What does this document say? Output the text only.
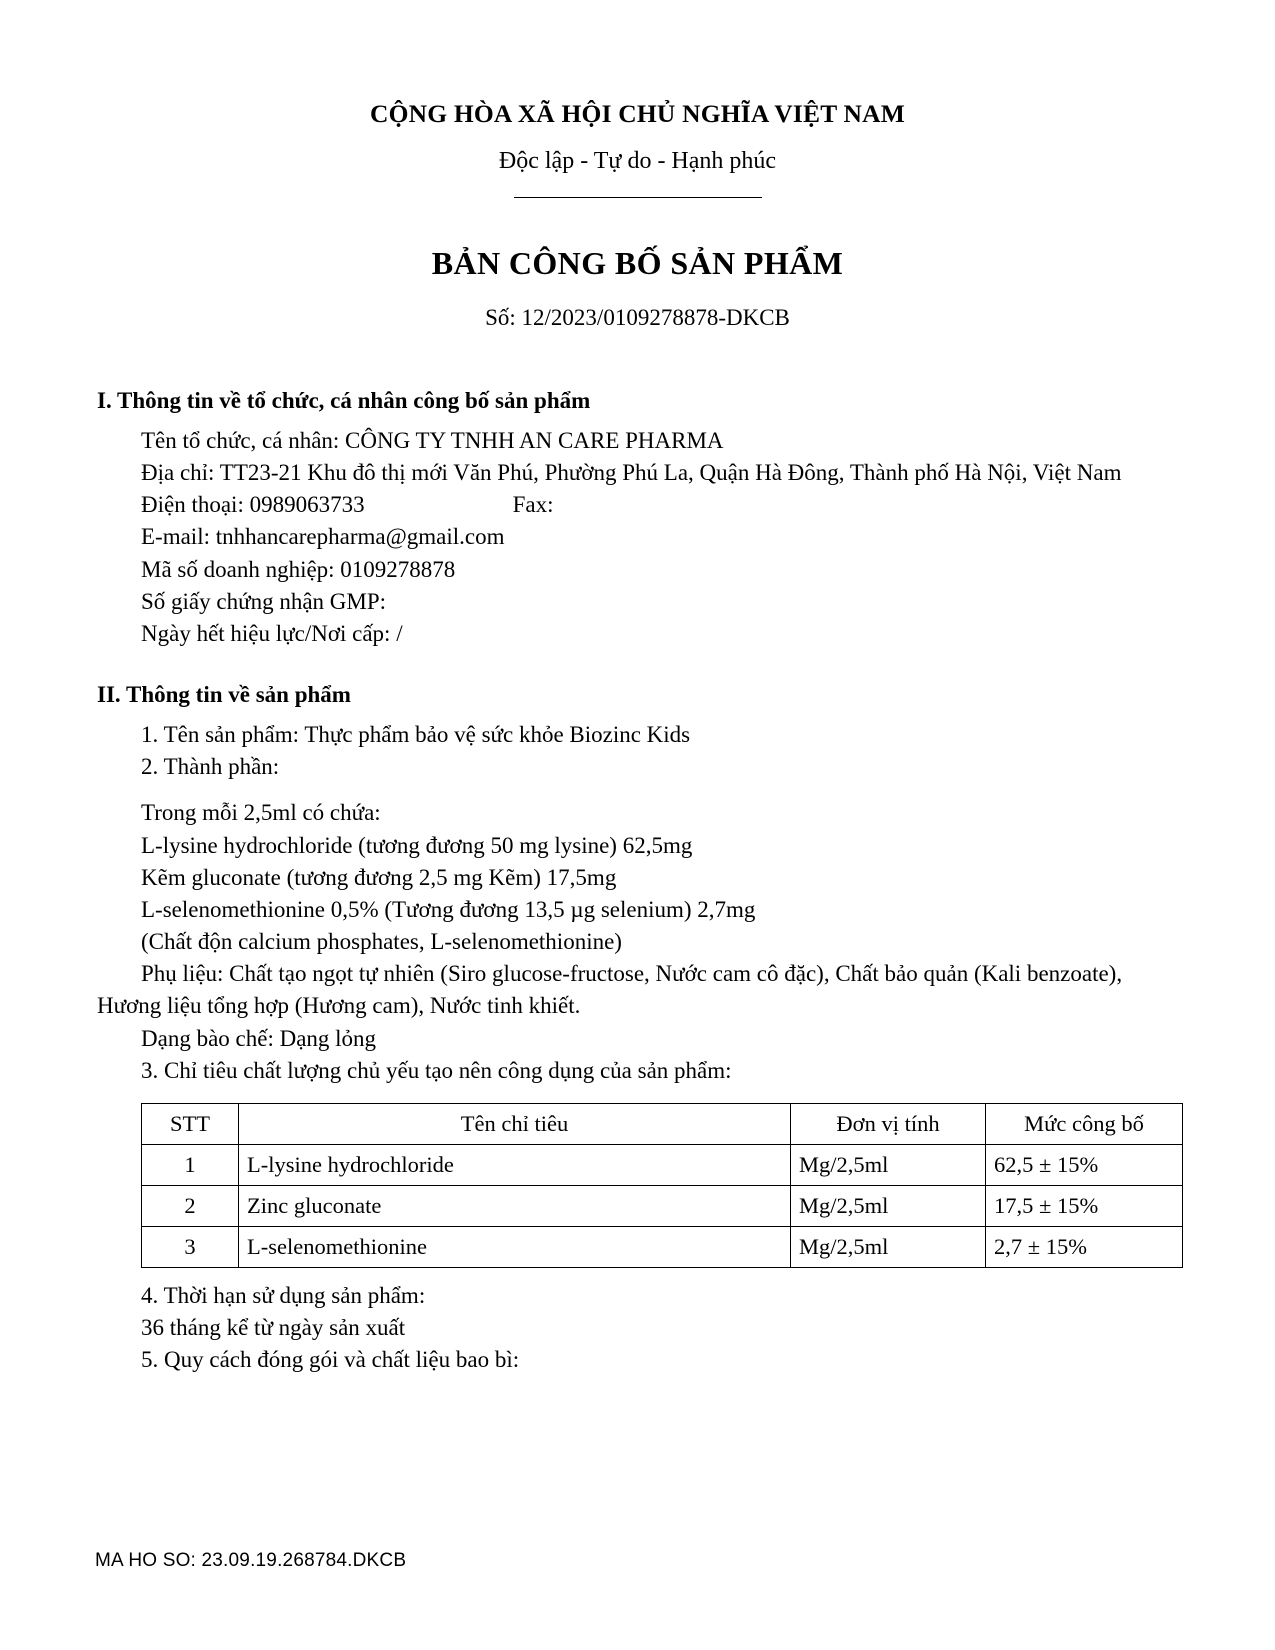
CỘNG HÒA XÃ HỘI CHỦ NGHĨA VIỆT NAM
Độc lập - Tự do - Hạnh phúc
BẢN CÔNG BỐ SẢN PHẨM
Số: 12/2023/0109278878-DKCB
I. Thông tin về tổ chức, cá nhân công bố sản phẩm

Tên tổ chức, cá nhân: CÔNG TY TNHH AN CARE PHARMA

Địa chỉ: TT23-21 Khu đô thị mới Văn Phú, Phường Phú La, Quận Hà Đông, Thành phố Hà Nội, Việt Nam

Điện thoại: 0989063733	Fax:

E-mail: tnhhancarepharma@gmail.com

Mã số doanh nghiệp: 0109278878

Số giấy chứng nhận GMP:

Ngày hết hiệu lực/Nơi cấp: /

II. Thông tin về sản phẩm

1. Tên sản phẩm: Thực phẩm bảo vệ sức khỏe Biozinc Kids

2. Thành phần:

Trong mỗi 2,5ml có chứa:

L-lysine hydrochloride (tương đương 50 mg lysine) 62,5mg

Kẽm gluconate (tương đương 2,5 mg Kẽm) 17,5mg

L-selenomethionine 0,5% (Tương đương 13,5 µg selenium) 2,7mg

(Chất độn calcium phosphates, L-selenomethionine)

Phụ liệu: Chất tạo ngọt tự nhiên (Siro glucose-fructose, Nước cam cô đặc), Chất bảo quản (Kali benzoate), Hương liệu tổng hợp (Hương cam), Nước tinh khiết.

Dạng bào chế: Dạng lỏng

3. Chỉ tiêu chất lượng chủ yếu tạo nên công dụng của sản phẩm:

STT	Tên chỉ tiêu	Đơn vị tính	Mức công bố
1	L-lysine hydrochloride	Mg/2,5ml	62,5 ± 15%
2	Zinc gluconate	Mg/2,5ml	17,5 ± 15%
3	L-selenomethionine	Mg/2,5ml	2,7 ± 15%

4. Thời hạn sử dụng sản phẩm:

36 tháng kể từ ngày sản xuất

5. Quy cách đóng gói và chất liệu bao bì:

MA HO SO: 23.09.19.268784.DKCB
